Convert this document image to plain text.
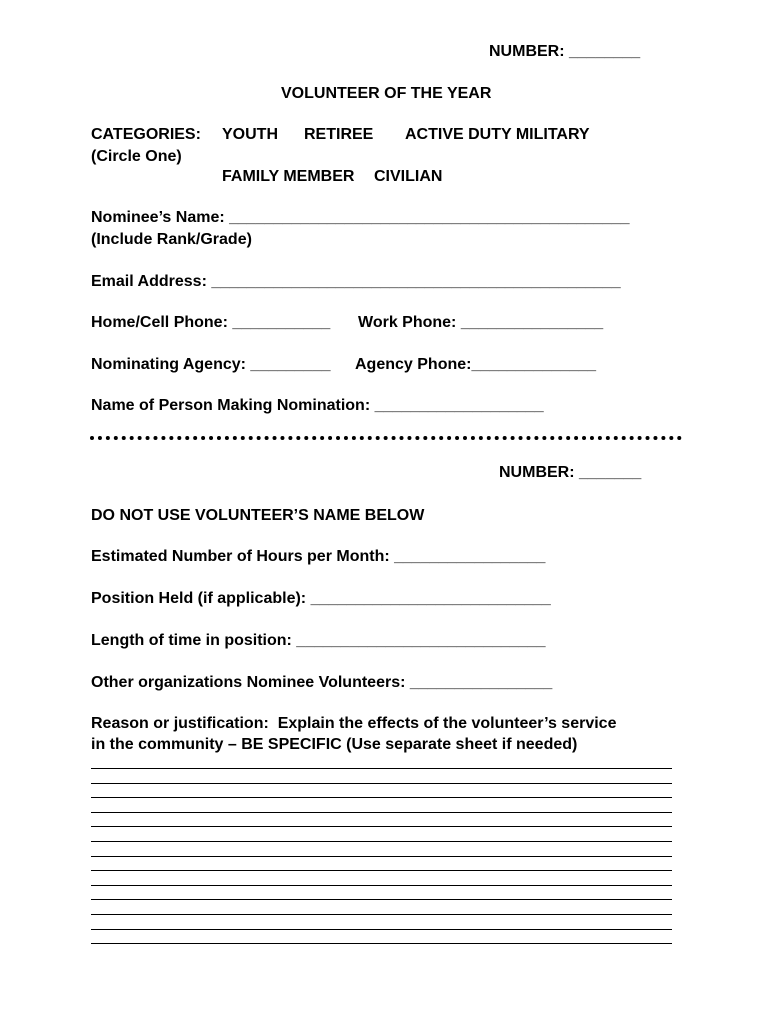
NUMBER: ________
VOLUNTEER OF THE YEAR
CATEGORIES: YOUTH RETIREE ACTIVE DUTY MILITARY
(Circle One)
FAMILY MEMBER CIVILIAN
Nominee’s Name: _____________________________________________
(Include Rank/Grade)
Email Address: ______________________________________________
Home/Cell Phone: ___________ Work Phone: ________________
Nominating Agency: _________ Agency Phone:______________
Name of Person Making Nomination: ___________________
NUMBER: _______
DO NOT USE VOLUNTEER’S NAME BELOW
Estimated Number of Hours per Month: _________________
Position Held (if applicable): ___________________________
Length of time in position: ____________________________
Other organizations Nominee Volunteers: ________________
Reason or justification:  Explain the effects of the volunteer’s service
in the community – BE SPECIFIC (Use separate sheet if needed)
